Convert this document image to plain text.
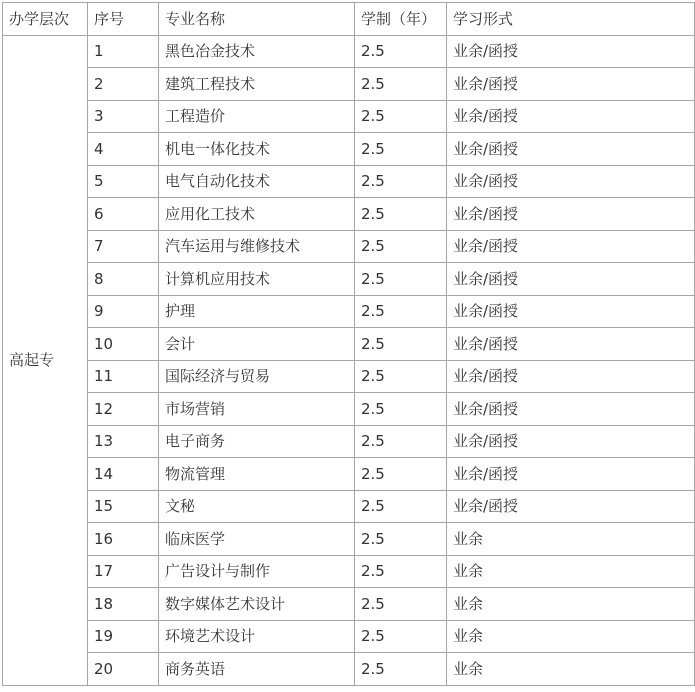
办学层次	序号	专业名称	学制（年）	学习形式
高起专	1	黑色冶金技术	2.5	业余/函授
	2	建筑工程技术	2.5	业余/函授
	3	工程造价	2.5	业余/函授
	4	机电一体化技术	2.5	业余/函授
	5	电气自动化技术	2.5	业余/函授
	6	应用化工技术	2.5	业余/函授
	7	汽车运用与维修技术	2.5	业余/函授
	8	计算机应用技术	2.5	业余/函授
	9	护理	2.5	业余/函授
	10	会计	2.5	业余/函授
	11	国际经济与贸易	2.5	业余/函授
	12	市场营销	2.5	业余/函授
	13	电子商务	2.5	业余/函授
	14	物流管理	2.5	业余/函授
	15	文秘	2.5	业余/函授
	16	临床医学	2.5	业余
	17	广告设计与制作	2.5	业余
	18	数字媒体艺术设计	2.5	业余
	19	环境艺术设计	2.5	业余
	20	商务英语	2.5	业余
